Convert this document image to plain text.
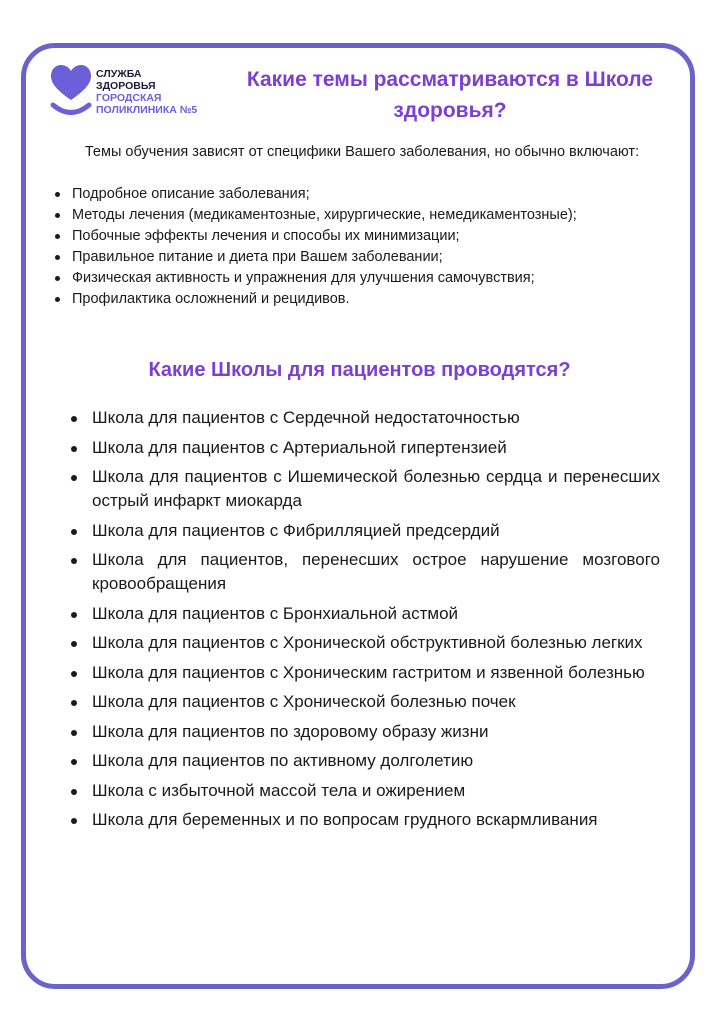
СЛУЖБА
ЗДОРОВЬЯ
ГОРОДСКАЯ
ПОЛИКЛИНИКА №5
Какие темы рассматриваются в Школе здоровья?
Темы обучения зависят от специфики Вашего заболевания, но обычно включают:
Подробное описание заболевания;
Методы лечения (медикаментозные, хирургические, немедикаментозные);
Побочные эффекты лечения и способы их минимизации;
Правильное питание и диета при Вашем заболевании;
Физическая активность и упражнения для улучшения самочувствия;
Профилактика осложнений и рецидивов.
Какие Школы для пациентов проводятся?
Школа для пациентов с Сердечной недостаточностью
Школа для пациентов с Артериальной гипертензией
Школа для пациентов с Ишемической болезнью сердца и перенесших острый инфаркт миокарда
Школа для пациентов с Фибрилляцией предсердий
Школа для пациентов, перенесших острое нарушение мозгового кровообращения
Школа для пациентов с Бронхиальной астмой
Школа для пациентов с Хронической обструктивной болезнью легких
Школа для пациентов с Хроническим гастритом и язвенной болезнью
Школа для пациентов с Хронической болезнью почек
Школа для пациентов по здоровому образу жизни
Школа для пациентов по активному долголетию
Школа с избыточной массой тела и ожирением
Школа для беременных и по вопросам грудного вскармливания
